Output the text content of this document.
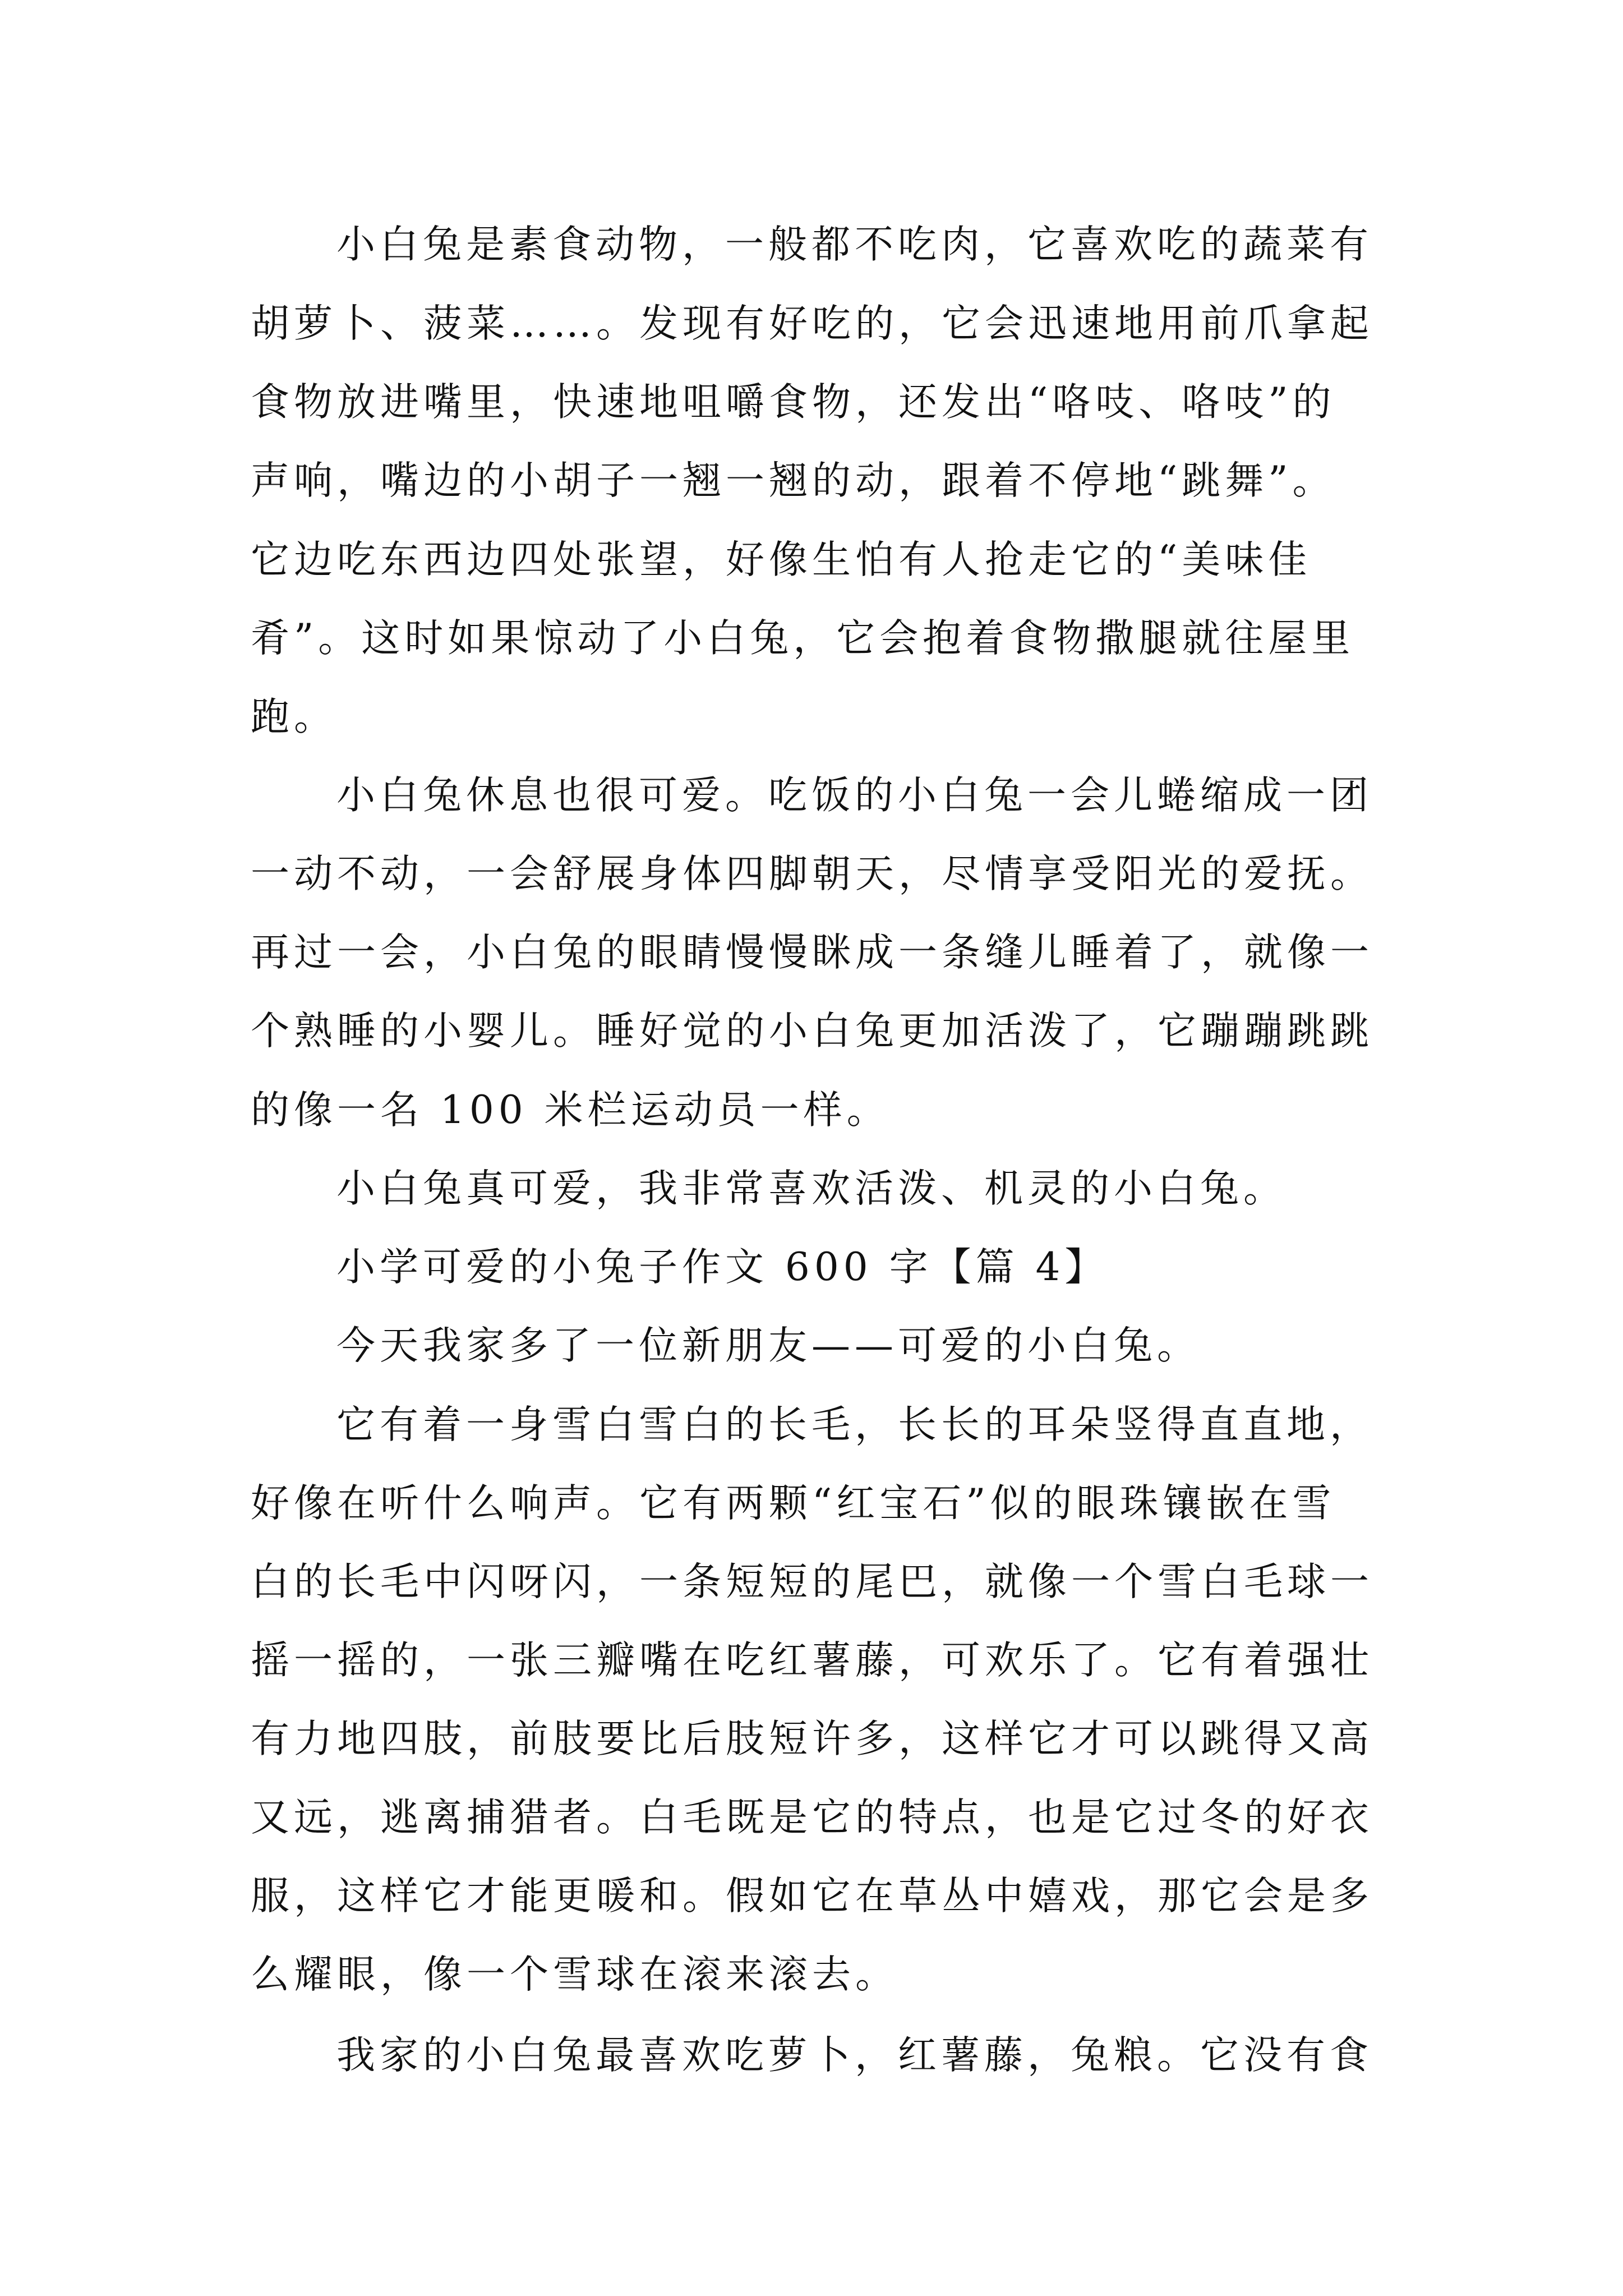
小白兔是素食动物，一般都不吃肉，它喜欢吃的蔬菜有
胡萝卜、菠菜……。发现有好吃的，它会迅速地用前爪拿起
食物放进嘴里，快速地咀嚼食物，还发出“咯吱、咯吱”的
声响，嘴边的小胡子一翘一翘的动，跟着不停地“跳舞”。
它边吃东西边四处张望，好像生怕有人抢走它的“美味佳
肴”。这时如果惊动了小白兔，它会抱着食物撒腿就往屋里
跑。
小白兔休息也很可爱。吃饭的小白兔一会儿蜷缩成一团
一动不动，一会舒展身体四脚朝天，尽情享受阳光的爱抚。
再过一会，小白兔的眼睛慢慢眯成一条缝儿睡着了，就像一
个熟睡的小婴儿。睡好觉的小白兔更加活泼了，它蹦蹦跳跳
的像一名 100 米栏运动员一样。
小白兔真可爱，我非常喜欢活泼、机灵的小白兔。
小学可爱的小兔子作文 600 字【篇 4】
今天我家多了一位新朋友——可爱的小白兔。
它有着一身雪白雪白的长毛，长长的耳朵竖得直直地，
好像在听什么响声。它有两颗“红宝石”似的眼珠镶嵌在雪
白的长毛中闪呀闪，一条短短的尾巴，就像一个雪白毛球一
摇一摇的，一张三瓣嘴在吃红薯藤，可欢乐了。它有着强壮
有力地四肢，前肢要比后肢短许多，这样它才可以跳得又高
又远，逃离捕猎者。白毛既是它的特点，也是它过冬的好衣
服，这样它才能更暖和。假如它在草丛中嬉戏，那它会是多
么耀眼，像一个雪球在滚来滚去。
我家的小白兔最喜欢吃萝卜，红薯藤，兔粮。它没有食
